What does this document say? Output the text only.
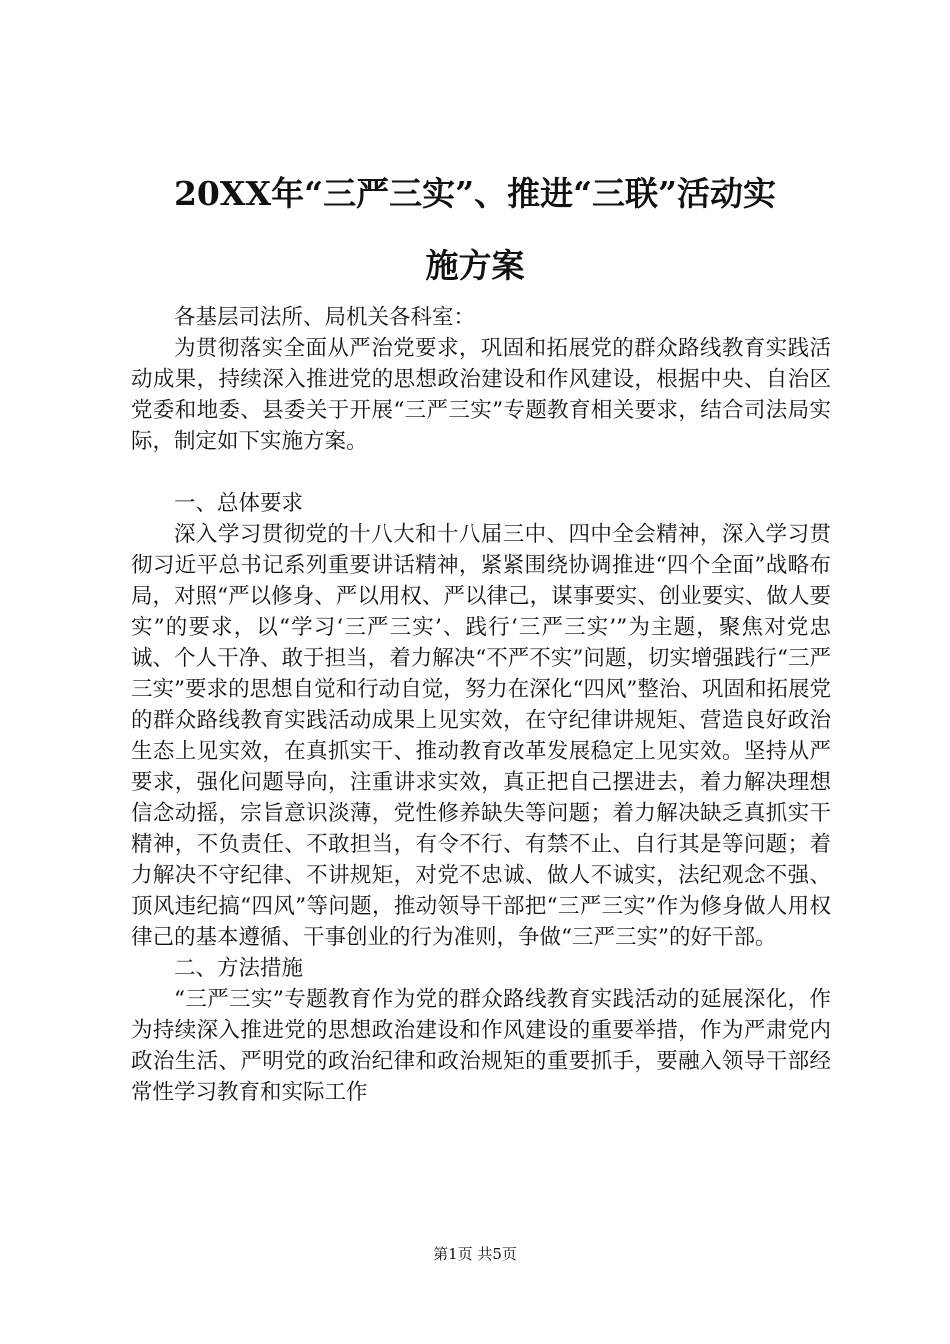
20XX年“三严三实”、推进“三联”活动实
施方案

各基层司法所、局机关各科室：

为贯彻落实全面从严治党要求，巩固和拓展党的群众路线教育实践活动成果，持续深入推进党的思想政治建设和作风建设，根据中央、自治区党委和地委、县委关于开展“三严三实”专题教育相关要求，结合司法局实际，制定如下实施方案。

一、总体要求

深入学习贯彻党的十八大和十八届三中、四中全会精神，深入学习贯彻习近平总书记系列重要讲话精神，紧紧围绕协调推进“四个全面”战略布局，对照“严以修身、严以用权、严以律己，谋事要实、创业要实、做人要实”的要求，以“学习‘三严三实’、践行‘三严三实’”为主题，聚焦对党忠诚、个人干净、敢于担当，着力解决“不严不实”问题，切实增强践行“三严三实”要求的思想自觉和行动自觉，努力在深化“四风”整治、巩固和拓展党的群众路线教育实践活动成果上见实效，在守纪律讲规矩、营造良好政治生态上见实效，在真抓实干、推动教育改革发展稳定上见实效。坚持从严要求，强化问题导向，注重讲求实效，真正把自己摆进去，着力解决理想信念动摇，宗旨意识淡薄，党性修养缺失等问题；着力解决缺乏真抓实干精神，不负责任、不敢担当，有令不行、有禁不止、自行其是等问题；着力解决不守纪律、不讲规矩，对党不忠诚、做人不诚实，法纪观念不强、顶风违纪搞“四风”等问题，推动领导干部把“三严三实”作为修身做人用权律己的基本遵循、干事创业的行为准则，争做“三严三实”的好干部。

二、方法措施

“三严三实”专题教育作为党的群众路线教育实践活动的延展深化，作为持续深入推进党的思想政治建设和作风建设的重要举措，作为严肃党内政治生活、严明党的政治纪律和政治规矩的重要抓手，要融入领导干部经常性学习教育和实际工作

第1页 共5页
